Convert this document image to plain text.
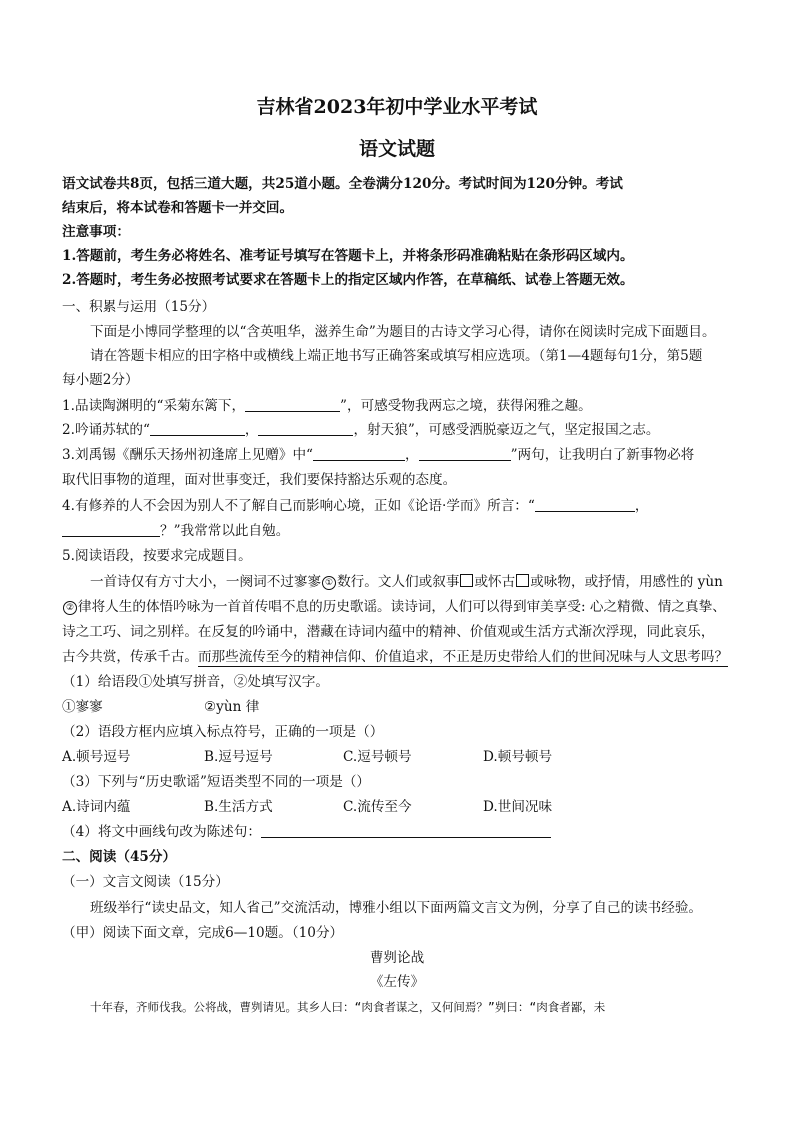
吉林省2023年初中学业水平考试
语文试题
语文试卷共8页，包括三道大题，共25道小题。全卷满分120分。考试时间为120分钟。考试
结束后，将本试卷和答题卡一并交回。
注意事项：
1.答题前，考生务必将姓名、准考证号填写在答题卡上，并将条形码准确粘贴在条形码区域内。
2.答题时，考生务必按照考试要求在答题卡上的指定区域内作答，在草稿纸、试卷上答题无效。
一、积累与运用（15分）
下面是小博同学整理的以“含英咀华，滋养生命”为题目的古诗文学习心得，请你在阅读时完成下面题目。
请在答题卡相应的田字格中或横线上端正地书写正确答案或填写相应选项。（第1—4题每句1分，第5题
每小题2分）
1.品读陶渊明的“采菊东篱下，	”，可感受物我两忘之境，获得闲雅之趣。
2.吟诵苏轼的“	，	，射天狼”，可感受洒脱豪迈之气，坚定报国之志。
3.刘禹锡《酬乐天扬州初逢席上见赠》中“	，	”两句，让我明白了新事物必将
取代旧事物的道理，面对世事变迁，我们要保持豁达乐观的态度。
4.有修养的人不会因为别人不了解自己而影响心境，正如《论语·学而》所言：“	，
？”我常常以此自勉。
5.阅读语段，按要求完成题目。
一首诗仅有方寸大小，一阕词不过寥寥 ① 数行。文人们或叙事 或怀古 或咏物，或抒情，用感性的 yùn
② 律将人生的体悟吟咏为一首首传唱不息的历史歌谣。读诗词，人们可以得到审美享受: 心之精微、情之真挚、
诗之工巧、词之别样。在反复的吟诵中，潜藏在诗词内蕴中的精神、价值观或生活方式渐次浮现，同此哀乐，
古今共赏，传承千古。而那些流传至今的精神信仰、价值追求，不正是历史带给人们的世间况味与人文思考吗？
（1）给语段①处填写拼音，②处填写汉字。
①寥寥	②yùn 律
（2）语段方框内应填入标点符号，正确的一项是（）
A.顿号逗号	B.逗号逗号	C.逗号顿号	D.顿号顿号
（3）下列与“历史歌谣”短语类型不同的一项是（）
A.诗词内蕴	B.生活方式	C.流传至今	D.世间况味
（4）将文中画线句改为陈述句：
二、阅读（45分）
（一）文言文阅读（15分）
班级举行“读史品文，知人省己”交流活动，博雅小组以下面两篇文言文为例，分享了自己的读书经验。
（甲）阅读下面文章，完成6—10题。（10分）
曹刿论战
《左传》
十年春，齐师伐我。公将战，曹刿请见。其乡人曰：“肉食者谋之，又何间焉？”刿曰：“肉食者鄙，未
